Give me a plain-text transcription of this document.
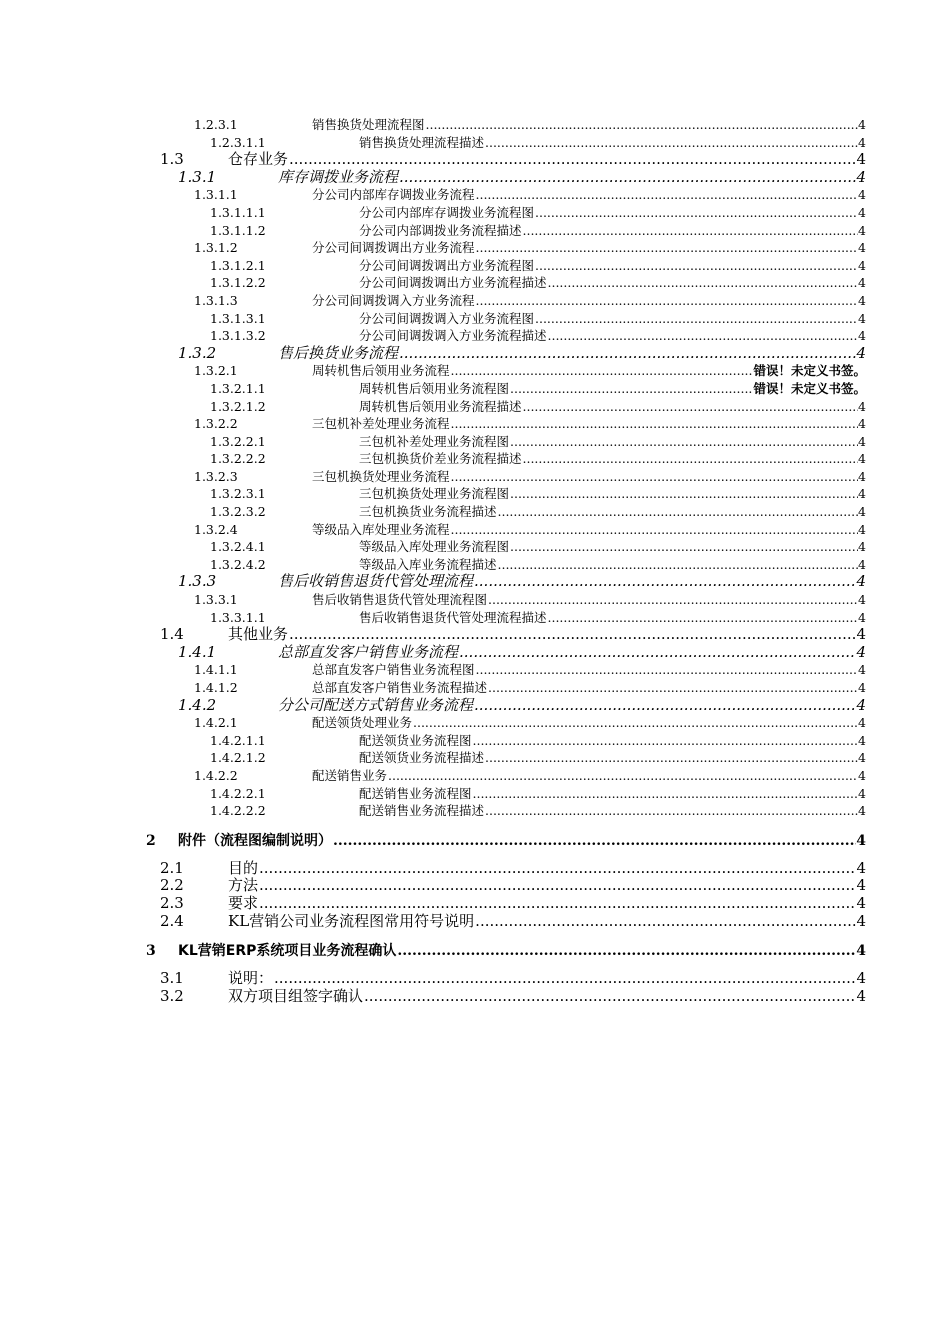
1.2.3.1	销售换货处理流程图 .....	4
1.2.3.1.1	销售换货处理流程描述 .....	4
1.3	仓存业务 .....	4
1.3.1	库存调拨业务流程 .....	4
1.3.1.1	分公司内部库存调拨业务流程 .....	4
1.3.1.1.1	分公司内部库存调拨业务流程图 .....	4
1.3.1.1.2	分公司内部调拨业务流程描述 .....	4
1.3.1.2	分公司间调拨调出方业务流程 .....	4
1.3.1.2.1	分公司间调拨调出方业务流程图 .....	4
1.3.1.2.2	分公司间调拨调出方业务流程描述 .....	4
1.3.1.3	分公司间调拨调入方业务流程 .....	4
1.3.1.3.1	分公司间调拨调入方业务流程图 .....	4
1.3.1.3.2	分公司间调拨调入方业务流程描述 .....	4
1.3.2	售后换货业务流程 .....	4
1.3.2.1	周转机售后领用业务流程 .....	错误！未定义书签。
1.3.2.1.1	周转机售后领用业务流程图 .....	错误！未定义书签。
1.3.2.1.2	周转机售后领用业务流程描述 .....	4
1.3.2.2	三包机补差处理业务流程 .....	4
1.3.2.2.1	三包机补差处理业务流程图 .....	4
1.3.2.2.2	三包机换货价差业务流程描述 .....	4
1.3.2.3	三包机换货处理业务流程 .....	4
1.3.2.3.1	三包机换货处理业务流程图 .....	4
1.3.2.3.2	三包机换货业务流程描述 .....	4
1.3.2.4	等级品入库处理业务流程 .....	4
1.3.2.4.1	等级品入库处理业务流程图 .....	4
1.3.2.4.2	等级品入库业务流程描述 .....	4
1.3.3	售后收销售退货代管处理流程 .....	4
1.3.3.1	售后收销售退货代管处理流程图 .....	4
1.3.3.1.1	售后收销售退货代管处理流程描述 .....	4
1.4	其他业务 .....	4
1.4.1	总部直发客户销售业务流程 .....	4
1.4.1.1	总部直发客户销售业务流程图 .....	4
1.4.1.2	总部直发客户销售业务流程描述 .....	4
1.4.2	分公司配送方式销售业务流程 .....	4
1.4.2.1	配送领货处理业务 .....	4
1.4.2.1.1	配送领货业务流程图 .....	4
1.4.2.1.2	配送领货业务流程描述 .....	4
1.4.2.2	配送销售业务 .....	4
1.4.2.2.1	配送销售业务流程图 .....	4
1.4.2.2.2	配送销售业务流程描述 .....	4
2 附件（流程图编制说明） .....	4
2.1	目的 .....	4
2.2	方法 .....	4
2.3	要求 .....	4
2.4	KL营销公司业务流程图常用符号说明 .....	4
3 KL营销ERP系统项目业务流程确认 .....	4
3.1	说明： .....	4
3.2	双方项目组签字确认 .....	4
